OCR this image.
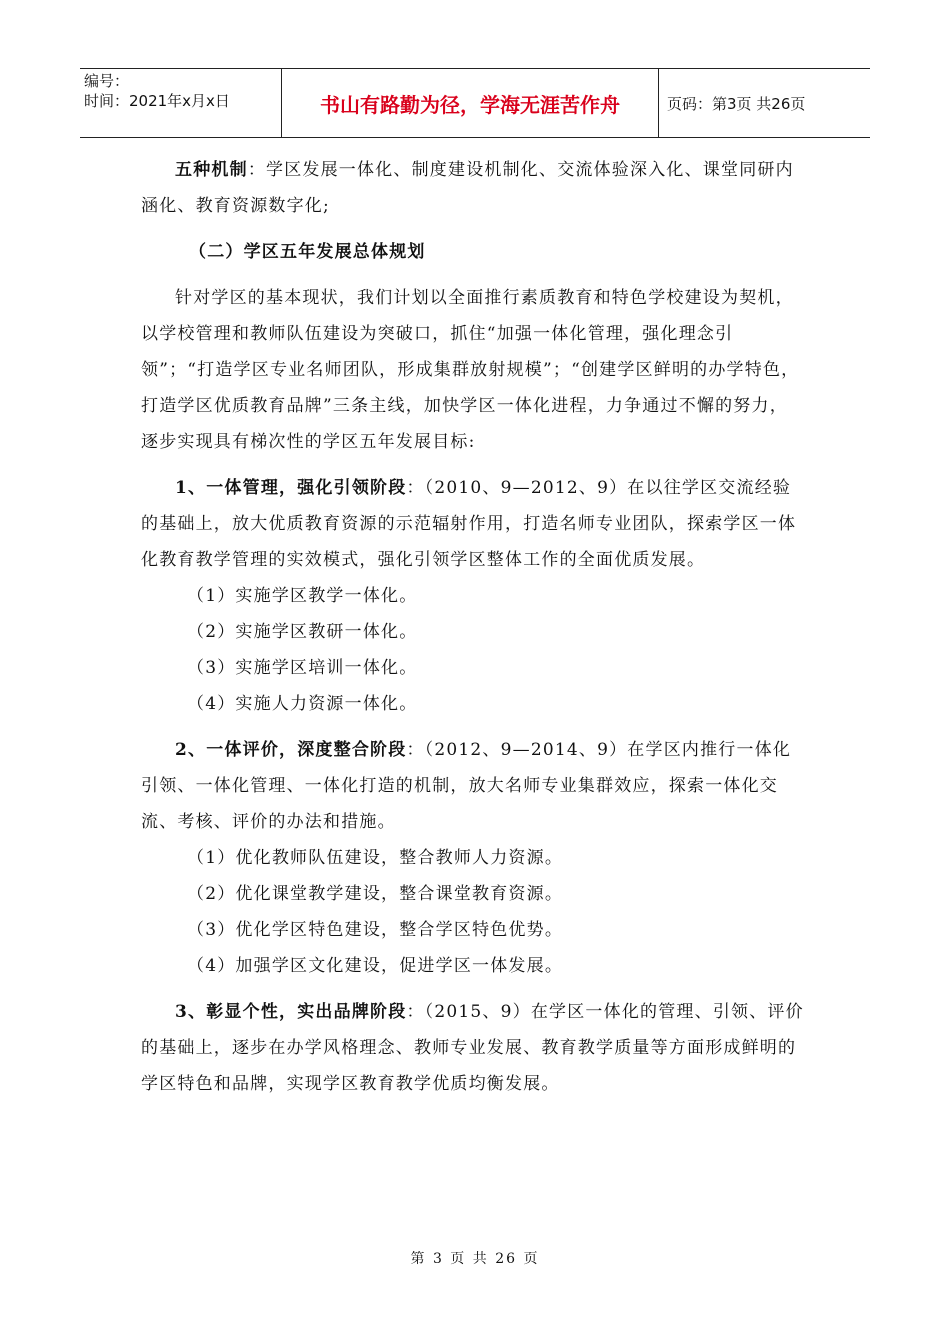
编号：
时间：2021年x月x日	书山有路勤为径，学海无涯苦作舟	页码：第3页 共26页

五种机制：学区发展一体化、制度建设机制化、交流体验深入化、课堂同研内涵化、教育资源数字化;

（二）学区五年发展总体规划

针对学区的基本现状，我们计划以全面推行素质教育和特色学校建设为契机，以学校管理和教师队伍建设为突破口，抓住“加强一体化管理，强化理念引领”；“打造学区专业名师团队，形成集群放射规模”；“创建学区鲜明的办学特色，打造学区优质教育品牌”三条主线，加快学区一体化进程，力争通过不懈的努力，逐步实现具有梯次性的学区五年发展目标:

1、一体管理，强化引领阶段：（2010、9—2012、9）在以往学区交流经验的基础上，放大优质教育资源的示范辐射作用，打造名师专业团队，探索学区一体化教育教学管理的实效模式，强化引领学区整体工作的全面优质发展。

（1）实施学区教学一体化。

（2）实施学区教研一体化。

（3）实施学区培训一体化。

（4）实施人力资源一体化。

2、一体评价，深度整合阶段：（2012、9—2014、9）在学区内推行一体化引领、一体化管理、一体化打造的机制，放大名师专业集群效应，探索一体化交流、考核、评价的办法和措施。

（1）优化教师队伍建设，整合教师人力资源。

（2）优化课堂教学建设，整合课堂教育资源。

（3）优化学区特色建设，整合学区特色优势。

（4）加强学区文化建设，促进学区一体发展。

3、彰显个性，实出品牌阶段：（2015、9）在学区一体化的管理、引领、评价的基础上，逐步在办学风格理念、教师专业发展、教育教学质量等方面形成鲜明的学区特色和品牌，实现学区教育教学优质均衡发展。

第 3 页 共 26 页
